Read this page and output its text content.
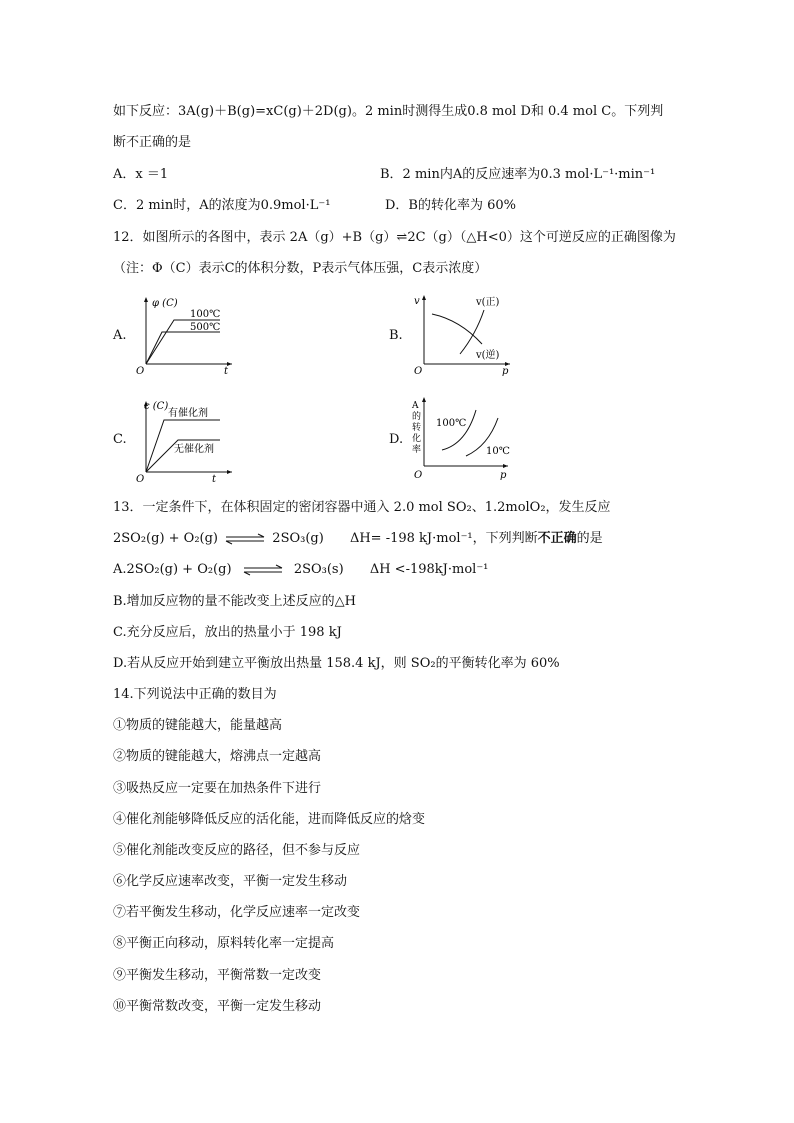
如下反应：3A(g)＋B(g)=xC(g)＋2D(g)。2 min时测得生成0.8 mol D和 0.4 mol C。下列判
断不正确的是
A．x ＝1	B．2 min内A的反应速率为0.3 mol·L⁻¹·min⁻¹
C．2 min时，A的浓度为0.9mol·L⁻¹	D．B的转化率为 60%
12．如图所示的各图中，表示 2A（g）+B（g）⇌2C（g）（△H<0）这个可逆反应的正确图像为
（注：Φ（C）表示C的体积分数，P表示气体压强，C表示浓度）
A.
φ (C)
100℃
500℃
O	t
B.
v	v(正)
v(逆)
O	p
C.
c (C)
有催化剂
无催化剂
O	t
D.
A
的
转
化
率
100℃
10℃
O	p
13．一定条件下，在体积固定的密闭容器中通入 2.0 mol SO₂、1.2molO₂，发生反应
2SO₂(g) + O₂(g) ⇌ 2SO₃(g) ΔH= -198 kJ·mol⁻¹，下列判断不正确的是
A.2SO₂(g) + O₂(g) ⇌ 2SO₃(s) ΔH <-198kJ·mol⁻¹
B.增加反应物的量不能改变上述反应的△H
C.充分反应后，放出的热量小于 198 kJ
D.若从反应开始到建立平衡放出热量 158.4 kJ，则 SO₂的平衡转化率为 60%
14.下列说法中正确的数目为
①物质的键能越大，能量越高
②物质的键能越大，熔沸点一定越高
③吸热反应一定要在加热条件下进行
④催化剂能够降低反应的活化能，进而降低反应的焓变
⑤催化剂能改变反应的路径，但不参与反应
⑥化学反应速率改变，平衡一定发生移动
⑦若平衡发生移动，化学反应速率一定改变
⑧平衡正向移动，原料转化率一定提高
⑨平衡发生移动，平衡常数一定改变
⑩平衡常数改变，平衡一定发生移动
